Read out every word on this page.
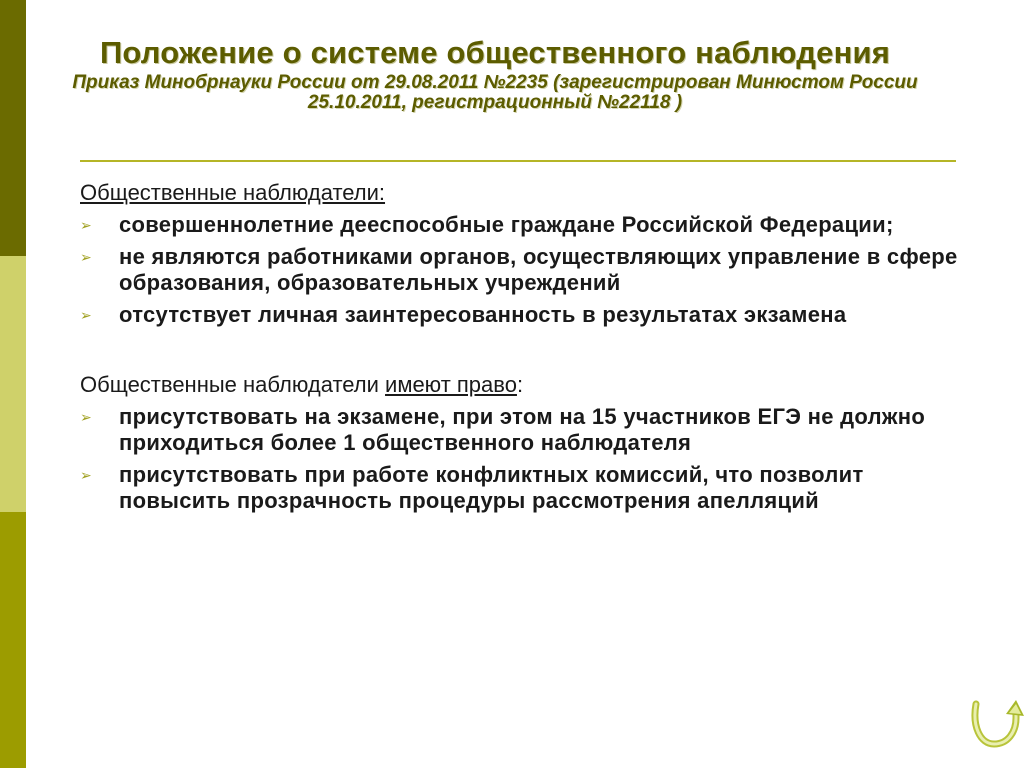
Положение о системе общественного наблюдения

Приказ Минобрнауки России от 29.08.2011 №2235 (зарегистрирован Минюстом России 25.10.2011, регистрационный №22118 )

Общественные наблюдатели:

➢ совершеннолетние дееспособные граждане Российской Федерации;
➢ не являются работниками органов, осуществляющих управление в сфере образования, образовательных учреждений
➢ отсутствует личная заинтересованность в результатах экзамена

Общественные наблюдатели имеют право:

➢ присутствовать на экзамене, при этом на 15 участников ЕГЭ не должно приходиться более 1 общественного наблюдателя
➢ присутствовать при работе конфликтных комиссий, что позволит повысить прозрачность процедуры рассмотрения апелляций
